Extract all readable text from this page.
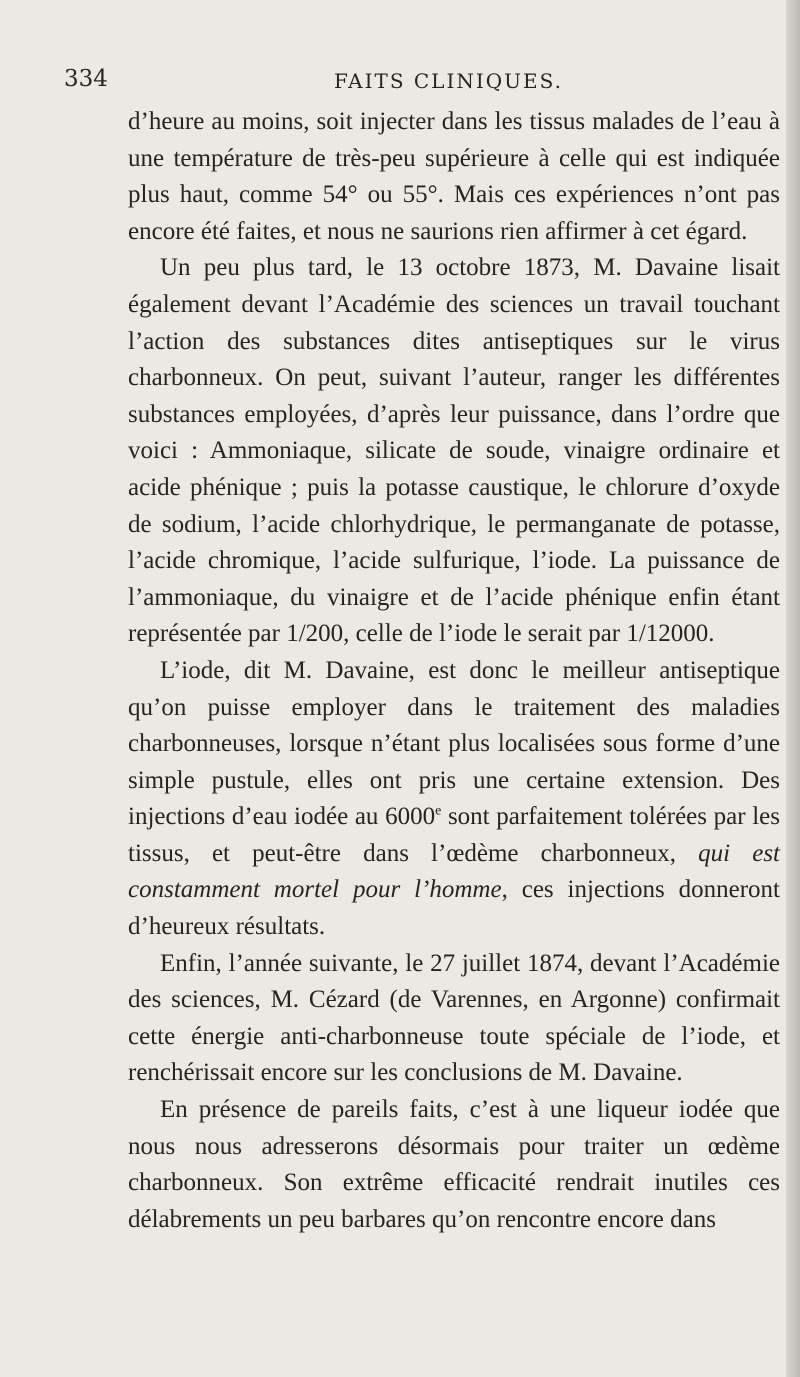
334	FAITS CLINIQUES.

d’heure au moins, soit injecter dans les tissus malades de l’eau à une température de très-peu supérieure à celle qui est indiquée plus haut, comme 54° ou 55°. Mais ces expériences n’ont pas encore été faites, et nous ne saurions rien affirmer à cet égard.

Un peu plus tard, le 13 octobre 1873, M. Davaine lisait également devant l’Académie des sciences un travail touchant l’action des substances dites antiseptiques sur le virus charbonneux. On peut, suivant l’auteur, ranger les différentes substances employées, d’après leur puissance, dans l’ordre que voici : Ammoniaque, silicate de soude, vinaigre ordinaire et acide phénique ; puis la potasse caustique, le chlorure d’oxyde de sodium, l’acide chlorhydrique, le permanganate de potasse, l’acide chromique, l’acide sulfurique, l’iode. La puissance de l’ammoniaque, du vinaigre et de l’acide phénique enfin étant représentée par 1/200, celle de l’iode le serait par 1/12000.

L’iode, dit M. Davaine, est donc le meilleur antiseptique qu’on puisse employer dans le traitement des maladies charbonneuses, lorsque n’étant plus localisées sous forme d’une simple pustule, elles ont pris une certaine extension. Des injections d’eau iodée au 6000e sont parfaitement tolérées par les tissus, et peut-être dans l’œdème charbonneux, qui est constamment mortel pour l’homme, ces injections donneront d’heureux résultats.

Enfin, l’année suivante, le 27 juillet 1874, devant l’Académie des sciences, M. Cézard (de Varennes, en Argonne) confirmait cette énergie anti-charbonneuse toute spéciale de l’iode, et renchérissait encore sur les conclusions de M. Davaine.

En présence de pareils faits, c’est à une liqueur iodée que nous nous adresserons désormais pour traiter un œdème charbonneux. Son extrême efficacité rendrait inutiles ces délabrements un peu barbares qu’on rencontre encore dans
